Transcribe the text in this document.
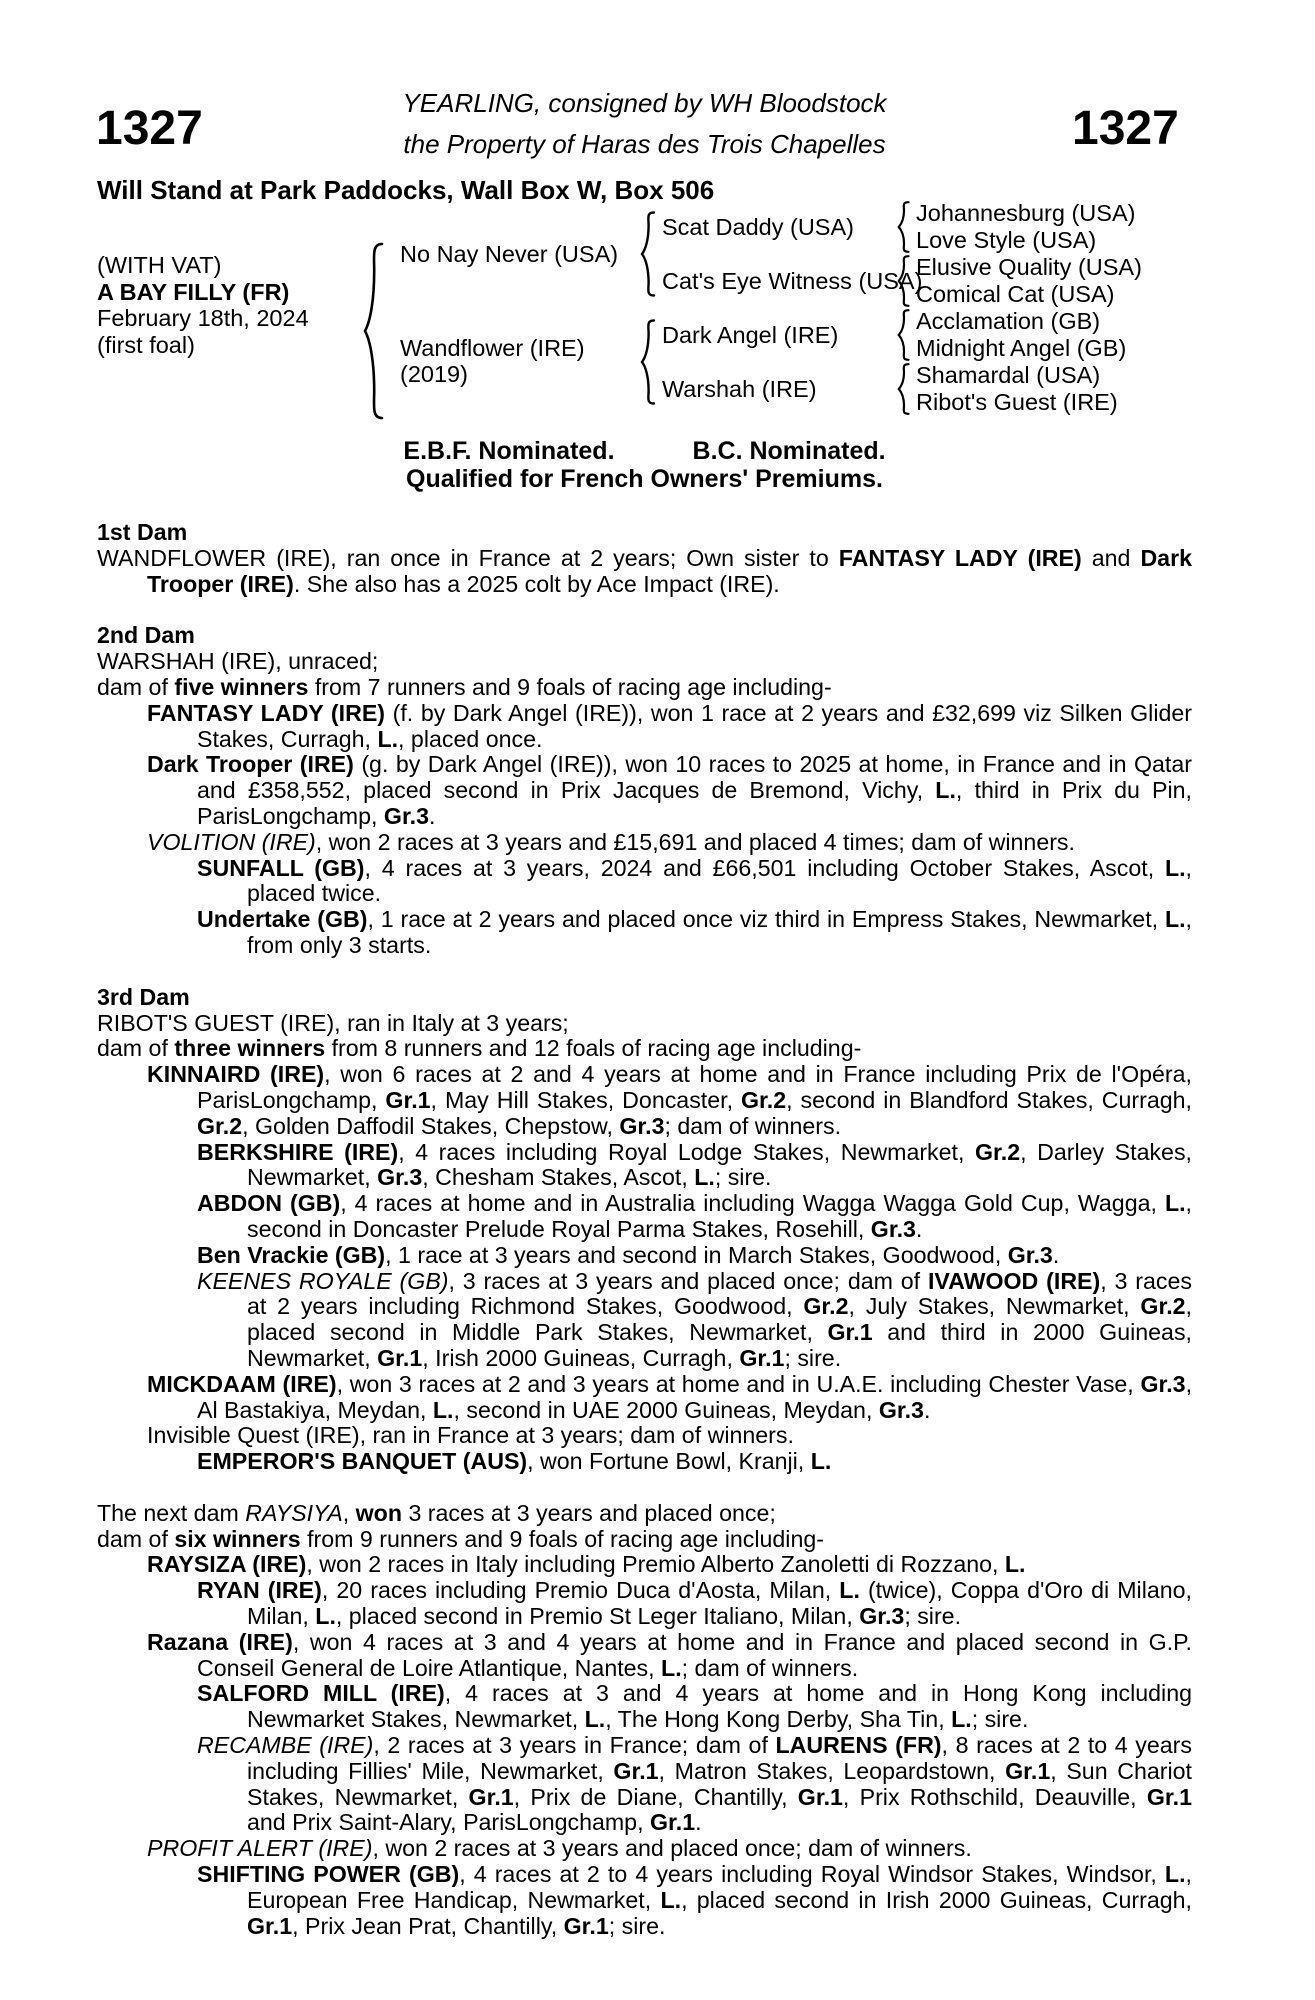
1327	1327
YEARLING, consigned by WH Bloodstock
the Property of Haras des Trois Chapelles
Will Stand at Park Paddocks, Wall Box W, Box 506
(WITH VAT)
A BAY FILLY (FR)
February 18th, 2024
(first foal)
No Nay Never (USA)
Wandflower (IRE)
(2019)
Scat Daddy (USA)
Cat's Eye Witness (USA)
Dark Angel (IRE)
Warshah (IRE)
Johannesburg (USA)
Love Style (USA)
Elusive Quality (USA)
Comical Cat (USA)
Acclamation (GB)
Midnight Angel (GB)
Shamardal (USA)
Ribot's Guest (IRE)
E.B.F. Nominated.	B.C. Nominated.
Qualified for French Owners' Premiums.
1st Dam

WANDFLOWER (IRE), ran once in France at 2 years; Own sister to FANTASY LADY (IRE) and Dark Trooper (IRE). She also has a 2025 colt by Ace Impact (IRE).

2nd Dam

WARSHAH (IRE), unraced;

dam of five winners from 7 runners and 9 foals of racing age including-

FANTASY LADY (IRE) (f. by Dark Angel (IRE)), won 1 race at 2 years and £32,699 viz Silken Glider Stakes, Curragh, L., placed once.

Dark Trooper (IRE) (g. by Dark Angel (IRE)), won 10 races to 2025 at home, in France and in Qatar and £358,552, placed second in Prix Jacques de Bremond, Vichy, L., third in Prix du Pin, ParisLongchamp, Gr.3.

VOLITION (IRE), won 2 races at 3 years and £15,691 and placed 4 times; dam of winners.

SUNFALL (GB), 4 races at 3 years, 2024 and £66,501 including October Stakes, Ascot, L., placed twice.

Undertake (GB), 1 race at 2 years and placed once viz third in Empress Stakes, Newmarket, L., from only 3 starts.

3rd Dam

RIBOT'S GUEST (IRE), ran in Italy at 3 years;

dam of three winners from 8 runners and 12 foals of racing age including-

KINNAIRD (IRE), won 6 races at 2 and 4 years at home and in France including Prix de l'Opéra, ParisLongchamp, Gr.1, May Hill Stakes, Doncaster, Gr.2, second in Blandford Stakes, Curragh, Gr.2, Golden Daffodil Stakes, Chepstow, Gr.3; dam of winners.

BERKSHIRE (IRE), 4 races including Royal Lodge Stakes, Newmarket, Gr.2, Darley Stakes, Newmarket, Gr.3, Chesham Stakes, Ascot, L.; sire.

ABDON (GB), 4 races at home and in Australia including Wagga Wagga Gold Cup, Wagga, L., second in Doncaster Prelude Royal Parma Stakes, Rosehill, Gr.3.

Ben Vrackie (GB), 1 race at 3 years and second in March Stakes, Goodwood, Gr.3.

KEENES ROYALE (GB), 3 races at 3 years and placed once; dam of IVAWOOD (IRE), 3 races at 2 years including Richmond Stakes, Goodwood, Gr.2, July Stakes, Newmarket, Gr.2, placed second in Middle Park Stakes, Newmarket, Gr.1 and third in 2000 Guineas, Newmarket, Gr.1, Irish 2000 Guineas, Curragh, Gr.1; sire.

MICKDAAM (IRE), won 3 races at 2 and 3 years at home and in U.A.E. including Chester Vase, Gr.3, Al Bastakiya, Meydan, L., second in UAE 2000 Guineas, Meydan, Gr.3.

Invisible Quest (IRE), ran in France at 3 years; dam of winners.

EMPEROR'S BANQUET (AUS), won Fortune Bowl, Kranji, L.

The next dam RAYSIYA, won 3 races at 3 years and placed once;

dam of six winners from 9 runners and 9 foals of racing age including-

RAYSIZA (IRE), won 2 races in Italy including Premio Alberto Zanoletti di Rozzano, L.

RYAN (IRE), 20 races including Premio Duca d'Aosta, Milan, L. (twice), Coppa d'Oro di Milano, Milan, L., placed second in Premio St Leger Italiano, Milan, Gr.3; sire.

Razana (IRE), won 4 races at 3 and 4 years at home and in France and placed second in G.P. Conseil General de Loire Atlantique, Nantes, L.; dam of winners.

SALFORD MILL (IRE), 4 races at 3 and 4 years at home and in Hong Kong including Newmarket Stakes, Newmarket, L., The Hong Kong Derby, Sha Tin, L.; sire.

RECAMBE (IRE), 2 races at 3 years in France; dam of LAURENS (FR), 8 races at 2 to 4 years including Fillies' Mile, Newmarket, Gr.1, Matron Stakes, Leopardstown, Gr.1, Sun Chariot Stakes, Newmarket, Gr.1, Prix de Diane, Chantilly, Gr.1, Prix Rothschild, Deauville, Gr.1 and Prix Saint-Alary, ParisLongchamp, Gr.1.

PROFIT ALERT (IRE), won 2 races at 3 years and placed once; dam of winners.

SHIFTING POWER (GB), 4 races at 2 to 4 years including Royal Windsor Stakes, Windsor, L., European Free Handicap, Newmarket, L., placed second in Irish 2000 Guineas, Curragh, Gr.1, Prix Jean Prat, Chantilly, Gr.1; sire.
